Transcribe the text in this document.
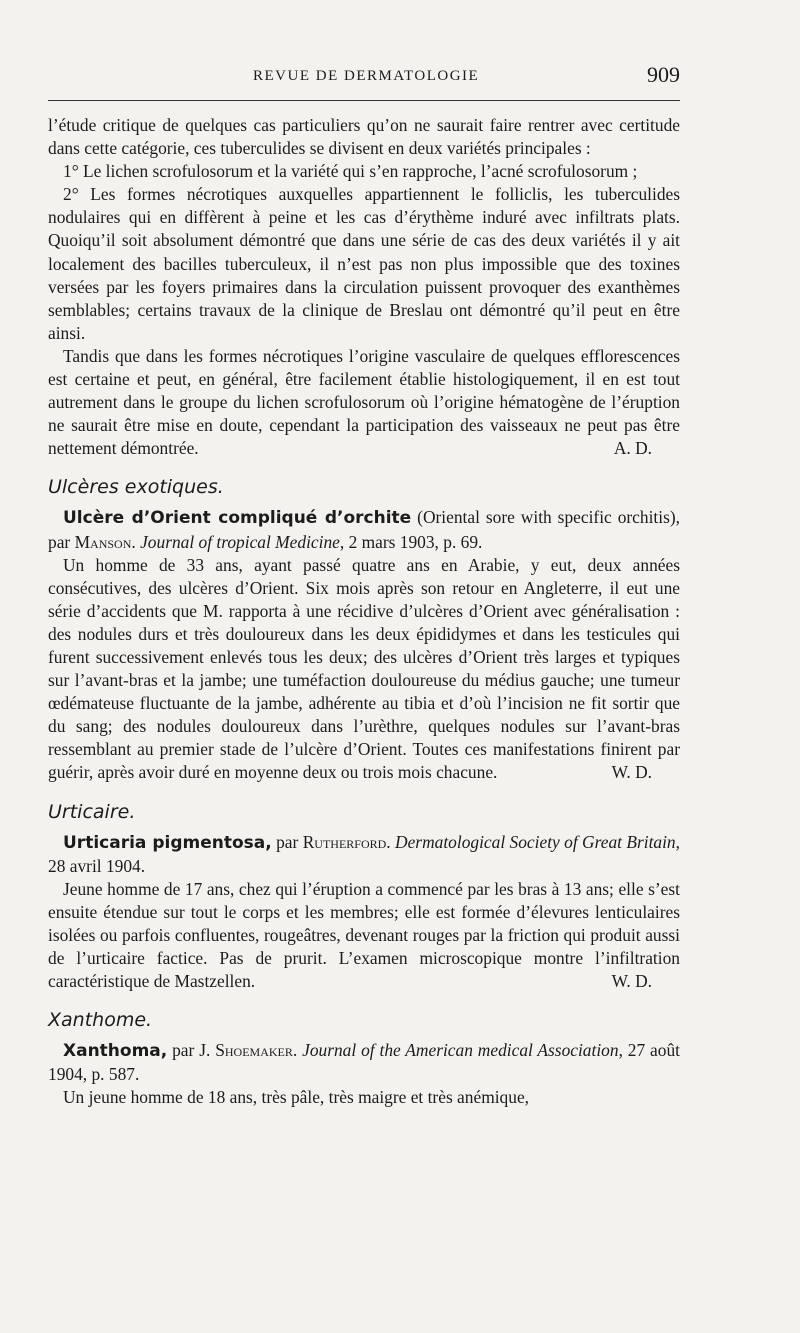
REVUE DE DERMATOLOGIE	909

l’étude critique de quelques cas particuliers qu’on ne saurait faire rentrer avec certitude dans cette catégorie, ces tuberculides se divisent en deux variétés principales :

1° Le lichen scrofulosorum et la variété qui s’en rapproche, l’acné scrofulosorum ;

2° Les formes nécrotiques auxquelles appartiennent le folliclis, les tuberculides nodulaires qui en diffèrent à peine et les cas d’érythème induré avec infiltrats plats. Quoiqu’il soit absolument démontré que dans une série de cas des deux variétés il y ait localement des bacilles tuberculeux, il n’est pas non plus impossible que des toxines versées par les foyers primaires dans la circulation puissent provoquer des exanthèmes semblables; certains travaux de la clinique de Breslau ont démontré qu’il peut en être ainsi.

Tandis que dans les formes nécrotiques l’origine vasculaire de quelques efflorescences est certaine et peut, en général, être facilement établie histologiquement, il en est tout autrement dans le groupe du lichen scrofulosorum où l’origine hématogène de l’éruption ne saurait être mise en doute, cependant la participation des vaisseaux ne peut pas être nettement démontrée.	A. D.

Ulcères exotiques.

Ulcère d’Orient compliqué d’orchite (Oriental sore with specific orchitis), par Manson. Journal of tropical Medicine, 2 mars 1903, p. 69.

Un homme de 33 ans, ayant passé quatre ans en Arabie, y eut, deux années consécutives, des ulcères d’Orient. Six mois après son retour en Angleterre, il eut une série d’accidents que M. rapporta à une récidive d’ulcères d’Orient avec généralisation : des nodules durs et très douloureux dans les deux épididymes et dans les testicules qui furent successivement enlevés tous les deux; des ulcères d’Orient très larges et typiques sur l’avant-bras et la jambe; une tuméfaction douloureuse du médius gauche; une tumeur œdémateuse fluctuante de la jambe, adhérente au tibia et d’où l’incision ne fit sortir que du sang; des nodules douloureux dans l’urèthre, quelques nodules sur l’avant-bras ressemblant au premier stade de l’ulcère d’Orient. Toutes ces manifestations finirent par guérir, après avoir duré en moyenne deux ou trois mois chacune.	W. D.

Urticaire.

Urticaria pigmentosa, par Rutherford. Dermatological Society of Great Britain, 28 avril 1904.

Jeune homme de 17 ans, chez qui l’éruption a commencé par les bras à 13 ans; elle s’est ensuite étendue sur tout le corps et les membres; elle est formée d’élevures lenticulaires isolées ou parfois confluentes, rougeâtres, devenant rouges par la friction qui produit aussi de l’urticaire factice. Pas de prurit. L’examen microscopique montre l’infiltration caractéristique de Mastzellen.	W. D.

Xanthome.

Xanthoma, par J. Shoemaker. Journal of the American medical Association, 27 août 1904, p. 587.

Un jeune homme de 18 ans, très pâle, très maigre et très anémique,
